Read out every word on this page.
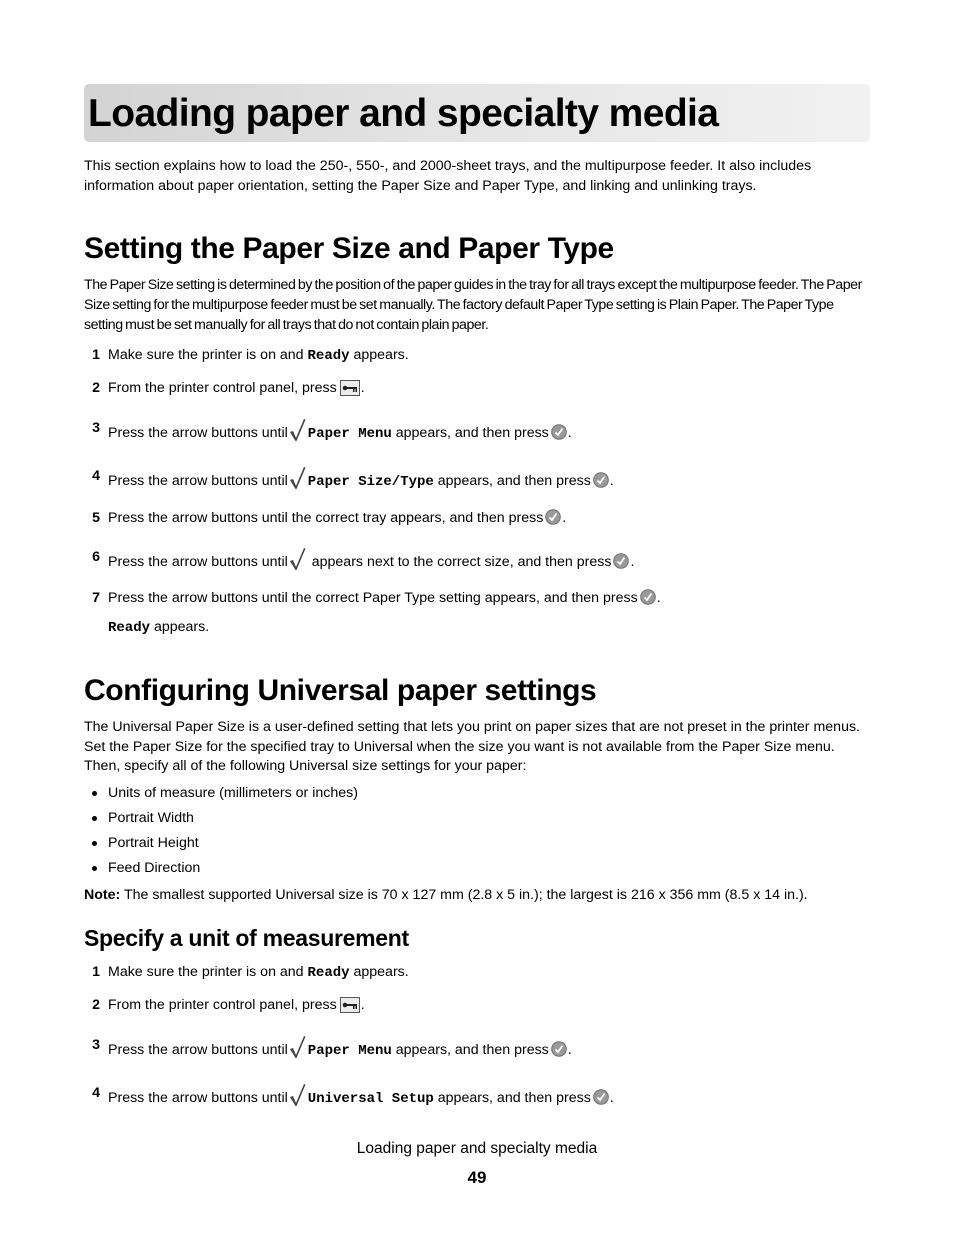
Loading paper and specialty media

This section explains how to load the 250-, 550-, and 2000-sheet trays, and the multipurpose feeder. It also includes information about paper orientation, setting the Paper Size and Paper Type, and linking and unlinking trays.

Setting the Paper Size and Paper Type

The Paper Size setting is determined by the position of the paper guides in the tray for all trays except the multipurpose feeder. The Paper Size setting for the multipurpose feeder must be set manually. The factory default Paper Type setting is Plain Paper. The Paper Type setting must be set manually for all trays that do not contain plain paper.

1 Make sure the printer is on and Ready appears.
2 From the printer control panel, press .
3 Press the arrow buttons until Paper Menu appears, and then press .
4 Press the arrow buttons until Paper Size/Type appears, and then press .
5 Press the arrow buttons until the correct tray appears, and then press .
6 Press the arrow buttons until appears next to the correct size, and then press .
7 Press the arrow buttons until the correct Paper Type setting appears, and then press .
Ready appears.
Configuring Universal paper settings

The Universal Paper Size is a user-defined setting that lets you print on paper sizes that are not preset in the printer menus. Set the Paper Size for the specified tray to Universal when the size you want is not available from the Paper Size menu. Then, specify all of the following Universal size settings for your paper:

Units of measure (millimeters or inches)
Portrait Width
Portrait Height
Feed Direction

Note: The smallest supported Universal size is 70 x 127 mm (2.8 x 5 in.); the largest is 216 x 356 mm (8.5 x 14 in.).

Specify a unit of measurement
1 Make sure the printer is on and Ready appears.
2 From the printer control panel, press .
3 Press the arrow buttons until Paper Menu appears, and then press .
4 Press the arrow buttons until Universal Setup appears, and then press .
Loading paper and specialty media
49
